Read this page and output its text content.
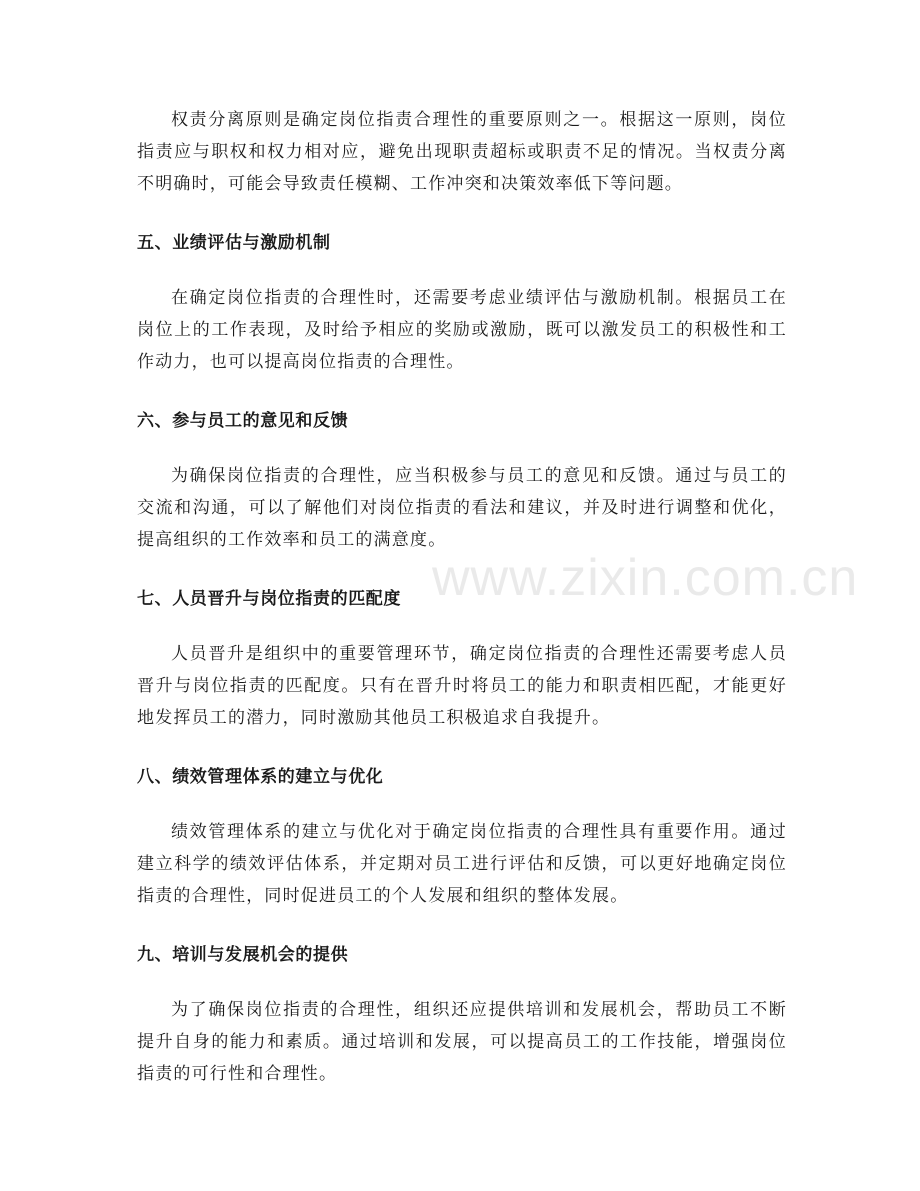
www.zixin.com.cn

权责分离原则是确定岗位指责合理性的重要原则之一。根据这一原则，岗位指责应与职权和权力相对应，避免出现职责超标或职责不足的情况。当权责分离不明确时，可能会导致责任模糊、工作冲突和决策效率低下等问题。

五、业绩评估与激励机制

在确定岗位指责的合理性时，还需要考虑业绩评估与激励机制。根据员工在岗位上的工作表现，及时给予相应的奖励或激励，既可以激发员工的积极性和工作动力，也可以提高岗位指责的合理性。

六、参与员工的意见和反馈

为确保岗位指责的合理性，应当积极参与员工的意见和反馈。通过与员工的交流和沟通，可以了解他们对岗位指责的看法和建议，并及时进行调整和优化，提高组织的工作效率和员工的满意度。

七、人员晋升与岗位指责的匹配度

人员晋升是组织中的重要管理环节，确定岗位指责的合理性还需要考虑人员晋升与岗位指责的匹配度。只有在晋升时将员工的能力和职责相匹配，才能更好地发挥员工的潜力，同时激励其他员工积极追求自我提升。

八、绩效管理体系的建立与优化

绩效管理体系的建立与优化对于确定岗位指责的合理性具有重要作用。通过建立科学的绩效评估体系，并定期对员工进行评估和反馈，可以更好地确定岗位指责的合理性，同时促进员工的个人发展和组织的整体发展。

九、培训与发展机会的提供

为了确保岗位指责的合理性，组织还应提供培训和发展机会，帮助员工不断提升自身的能力和素质。通过培训和发展，可以提高员工的工作技能，增强岗位指责的可行性和合理性。
